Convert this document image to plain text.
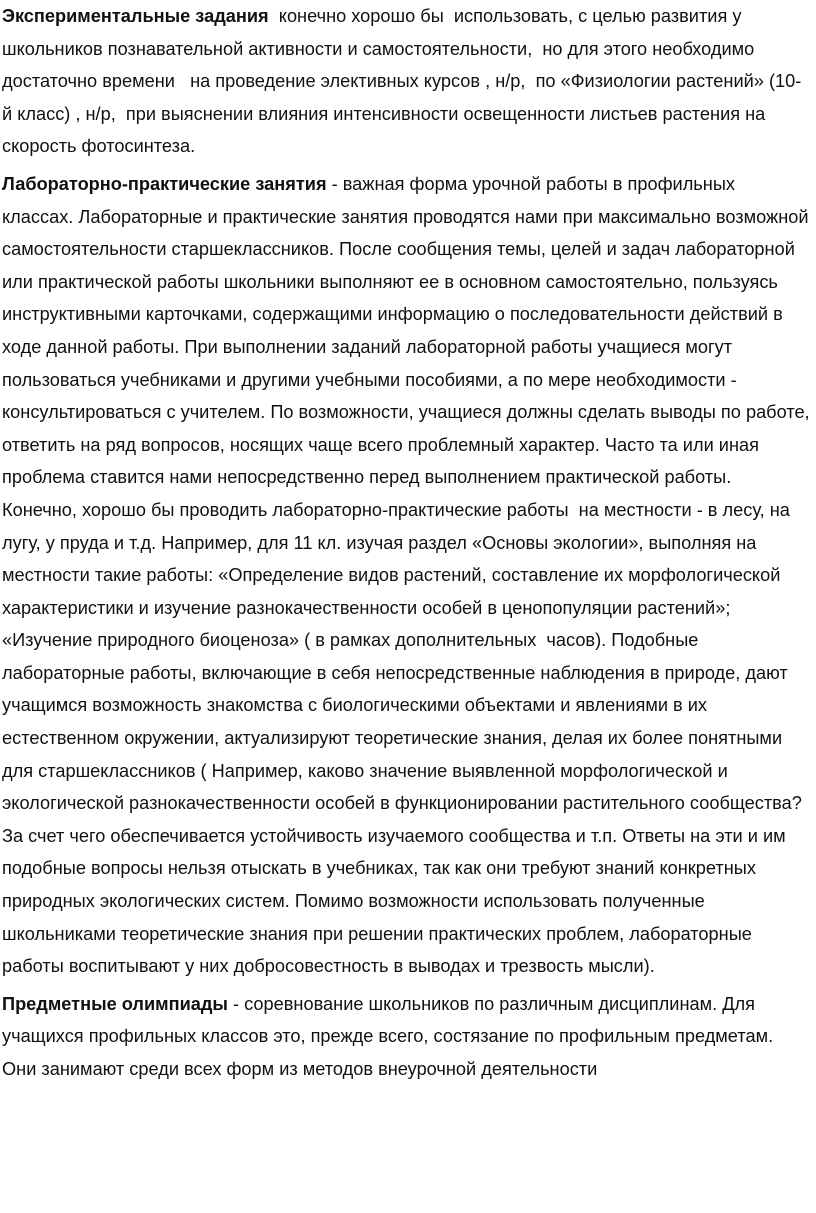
Экспериментальные задания  конечно хорошо бы  использовать, с целью развития у школьников познавательной активности и самостоятельности,  но для этого необходимо достаточно времени   на проведение элективных курсов , н/р,  по «Физиологии растений» (10-й класс) , н/р,  при выяснении влияния интенсивности освещенности листьев растения на скорость фотосинтеза.

Лабораторно-практические занятия - важная форма урочной работы в профильных классах. Лабораторные и практические занятия проводятся нами при максимально возможной самостоятельности старшеклассников. После сообщения темы, целей и задач лабораторной или практической работы школьники выполняют ее в основном самостоятельно, пользуясь инструктивными карточками, содержащими информацию о последовательности действий в ходе данной работы. При выполнении заданий лабораторной работы учащиеся могут пользоваться учебниками и другими учебными пособиями, а по мере необходимости - консультироваться с учителем. По возможности, учащиеся должны сделать выводы по работе, ответить на ряд вопросов, носящих чаще всего проблемный характер. Часто та или иная проблема ставится нами непосредственно перед выполнением практической работы.    Конечно, хорошо бы проводить лабораторно-практические работы  на местности - в лесу, на лугу, у пруда и т.д. Например, для 11 кл. изучая раздел «Основы экологии», выполняя на местности такие работы: «Определение видов растений, составление их морфологической характеристики и изучение разнокачественности особей в ценопопуляции растений»; «Изучение природного биоценоза» ( в рамках дополнительных  часов). Подобные лабораторные работы, включающие в себя непосредственные наблюдения в природе, дают учащимся возможность знакомства с биологическими объектами и явлениями в их естественном окружении, актуализируют теоретические знания, делая их более понятными для старшеклассников ( Например, каково значение выявленной морфологической и экологической разнокачественности особей в функционировании растительного сообщества? За счет чего обеспечивается устойчивость изучаемого сообщества и т.п. Ответы на эти и им подобные вопросы нельзя отыскать в учебниках, так как они требуют знаний конкретных природных экологических систем. Помимо возможности использовать полученные школьниками теоретические знания при решении практических проблем, лабораторные работы воспитывают у них добросовестность в выводах и трезвость мысли).

Предметные олимпиады - соревнование школьников по различным дисциплинам. Для учащихся профильных классов это, прежде всего, состязание по профильным предметам. Они занимают среди всех форм из методов внеурочной деятельности
